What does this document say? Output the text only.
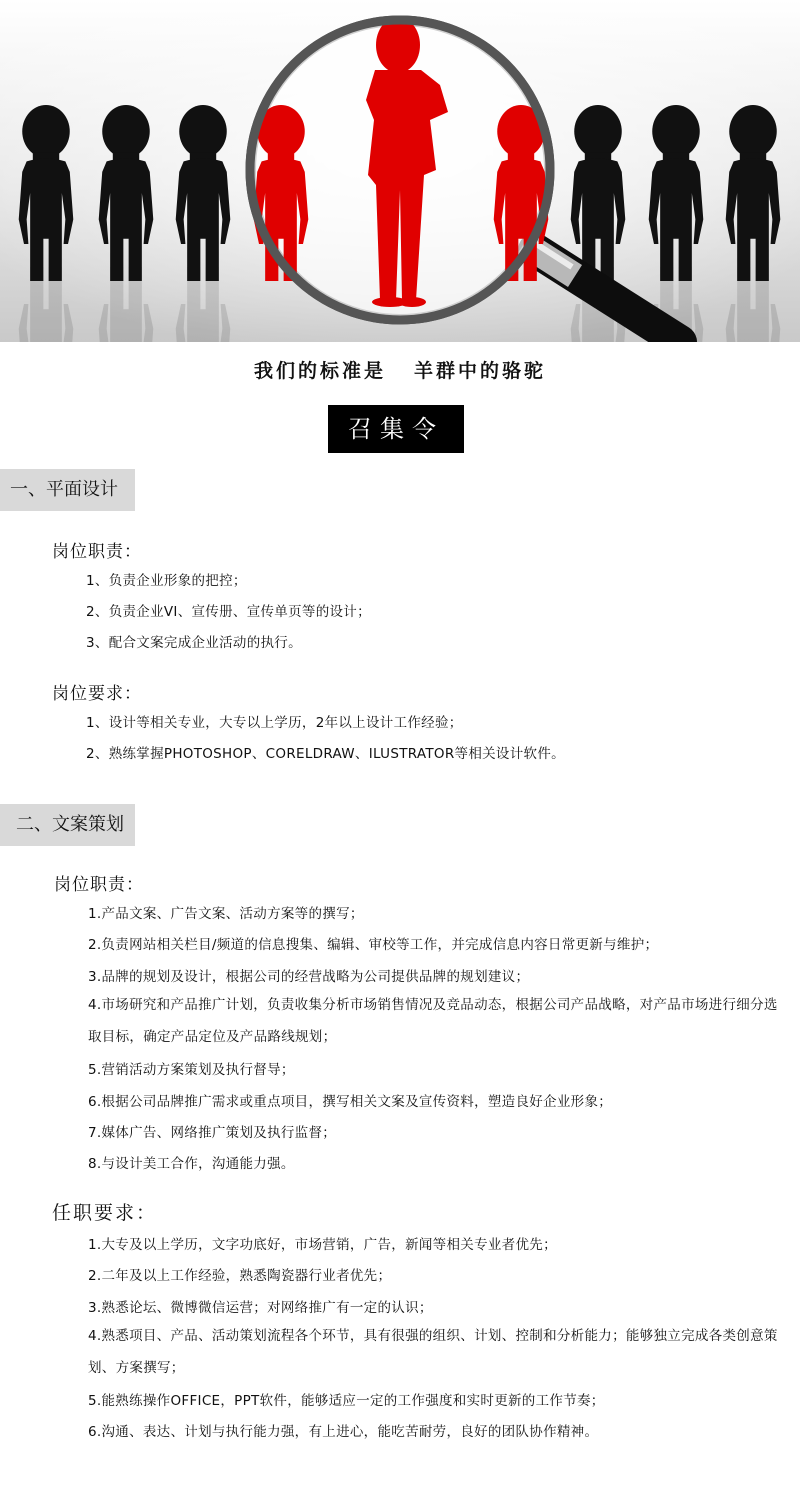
我们的标准是 羊群中的骆驼
召集令
一、平面设计
岗位职责：
1、负责企业形象的把控；
2、负责企业VI、宣传册、宣传单页等的设计；
3、配合文案完成企业活动的执行。
岗位要求：
1、设计等相关专业，大专以上学历，2年以上设计工作经验；
2、熟练掌握PHOTOSHOP、CORELDRAW、ILUSTRATOR等相关设计软件。
二、文案策划
岗位职责：
1.产品文案、广告文案、活动方案等的撰写；
2.负责网站相关栏目/频道的信息搜集、编辑、审校等工作，并完成信息内容日常更新与维护；
3.品牌的规划及设计，根据公司的经营战略为公司提供品牌的规划建议；
4.市场研究和产品推广计划，负责收集分析市场销售情况及竞品动态，根据公司产品战略，对产品市场进行细分选取目标，确定产品定位及产品路线规划；
5.营销活动方案策划及执行督导；
6.根据公司品牌推广需求或重点项目，撰写相关文案及宣传资料，塑造良好企业形象；
7.媒体广告、网络推广策划及执行监督；
8.与设计美工合作，沟通能力强。
任职要求：
1.大专及以上学历，文字功底好，市场营销，广告，新闻等相关专业者优先；
2.二年及以上工作经验，熟悉陶瓷器行业者优先；
3.熟悉论坛、微博微信运营；对网络推广有一定的认识；
4.熟悉项目、产品、活动策划流程各个环节，具有很强的组织、计划、控制和分析能力；能够独立完成各类创意策划、方案撰写；
5.能熟练操作OFFICE，PPT软件，能够适应一定的工作强度和实时更新的工作节奏；
6.沟通、表达、计划与执行能力强，有上进心，能吃苦耐劳，良好的团队协作精神。
